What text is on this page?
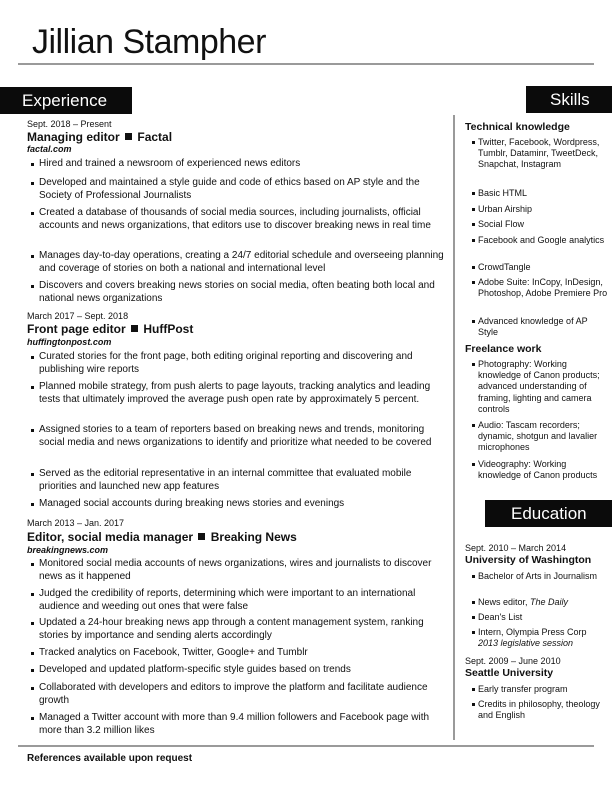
Jillian Stampher
Experience	Skills
Sept. 2018 – Present
Managing editor Factal
factal.com
Hired and trained a newsroom of experienced news editors
Developed and maintained a style guide and code of ethics based on AP style and the Society of Professional Journalists
Created a database of thousands of social media sources, including journalists, official accounts and news organizations, that editors use to discover breaking news in real time
Manages day-to-day operations, creating a 24/7 editorial schedule and overseeing planning and coverage of stories on both a national and international level
Discovers and covers breaking news stories on social media, often beating both local and national news organizations
March 2017 – Sept. 2018
Front page editor HuffPost
huffingtonpost.com
Curated stories for the front page, both editing original reporting and discovering and publishing wire reports
Planned mobile strategy, from push alerts to page layouts, tracking analytics and leading tests that ultimately improved the average push open rate by approximately 5 percent.
Assigned stories to a team of reporters based on breaking news and trends, monitoring social media and news organizations to identify and prioritize what needed to be covered
Served as the editorial representative in an internal committee that evaluated mobile priorities and launched new app features
Managed social accounts during breaking news stories and evenings
March 2013 – Jan. 2017
Editor, social media manager Breaking News
breakingnews.com
Monitored social media accounts of news organizations, wires and journalists to discover news as it happened
Judged the credibility of reports, determining which were important to an international audience and weeding out ones that were false
Updated a 24-hour breaking news app through a content management system, ranking stories by importance and sending alerts accordingly
Tracked analytics on Facebook, Twitter, Google+ and Tumblr
Developed and updated platform-specific style guides based on trends
Collaborated with developers and editors to improve the platform and facilitate audience growth
Managed a Twitter account with more than 9.4 million followers and Facebook page with more than 3.2 million likes
Technical knowledge
Twitter, Facebook, Wordpress, Tumblr, Dataminr, TweetDeck, Snapchat, Instagram
Basic HTML
Urban Airship
Social Flow
Facebook and Google analytics
CrowdTangle
Adobe Suite: InCopy, InDesign, Photoshop, Adobe Premiere Pro
Advanced knowledge of AP Style
Freelance work
Photography: Working knowledge of Canon products; advanced understanding of framing, lighting and camera controls
Audio: Tascam recorders; dynamic, shotgun and lavalier microphones
Videography: Working knowledge of Canon products
Education
Sept. 2010 – March 2014
University of Washington
Bachelor of Arts in Journalism
News editor, The Daily
Dean's List
Intern, Olympia Press Corp
2013 legislative session
Sept. 2009 – June 2010
Seattle University
Early transfer program
Credits in philosophy, theology and English
References available upon request
